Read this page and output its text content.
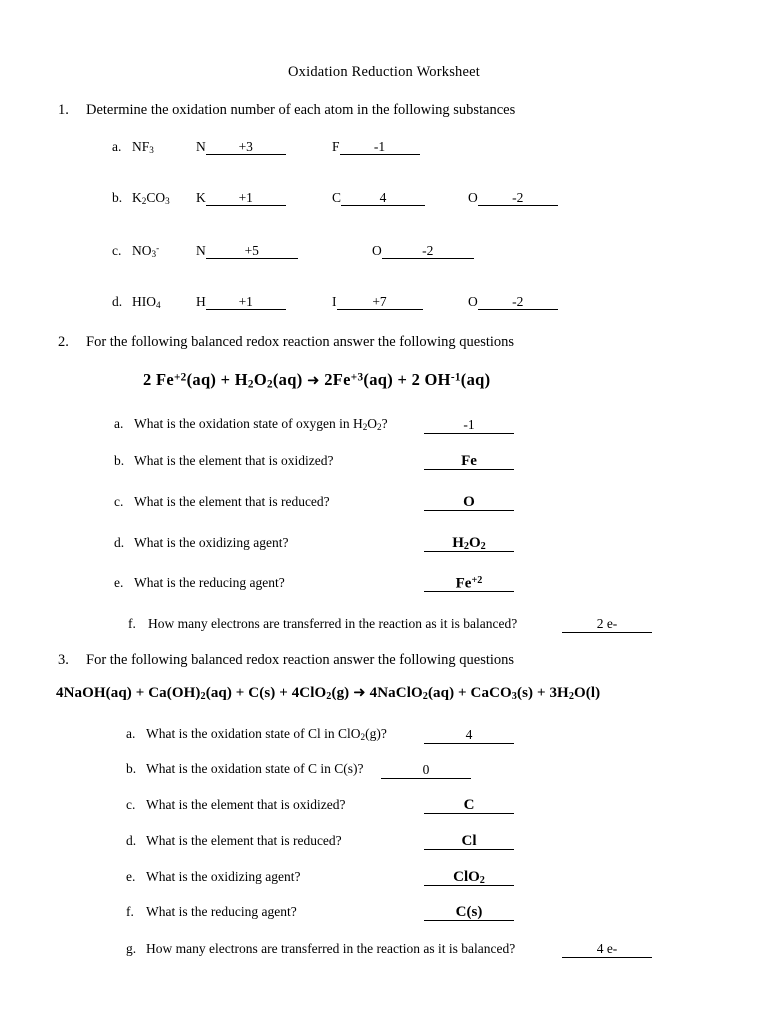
Oxidation Reduction Worksheet
1. Determine the oxidation number of each atom in the following substances
a. $NF_3$	N +3	F	-1
b. $K_2CO_3$ K +1	C	4	O	-2
c. $NO_3^-$	N	+5	O	-2
d. $HIO_4$	H +1	I	+7	O	-2
2. For the following balanced redox reaction answer the following questions
2 $Fe^{+2}(aq) + H_2O_2(aq)$ ➜ $2Fe^{+3}(aq) + 2$ $OH^{-1}(aq)$
a. What is the oxidation state of oxygen in $H_2O_2$?	-1
b. What is the element that is oxidized?	Fe
c. What is the element that is reduced?	O
d. What is the oxidizing agent?	$H_2O_2$
e. What is the reducing agent?	$Fe^{+2}$
f. How many electrons are transferred in the reaction as it is balanced?	2 e-
3. For the following balanced redox reaction answer the following questions
4NaOH(aq) + $Ca(OH)_2(aq) + C(s) + 4ClO_2(g)$ ➜ 4NaClO$_2$(aq) + CaCO$_3$(s) + $3H_2O(l)$
a. What is the oxidation state of Cl in ClO$_2$(g)?	4
b. What is the oxidation state of C in C(s)?	0
c. What is the element that is oxidized?	C
d. What is the element that is reduced?	Cl
e. What is the oxidizing agent?	ClO$_2$
f. What is the reducing agent?	C(s)
g. How many electrons are transferred in the reaction as it is balanced?	4 e-
